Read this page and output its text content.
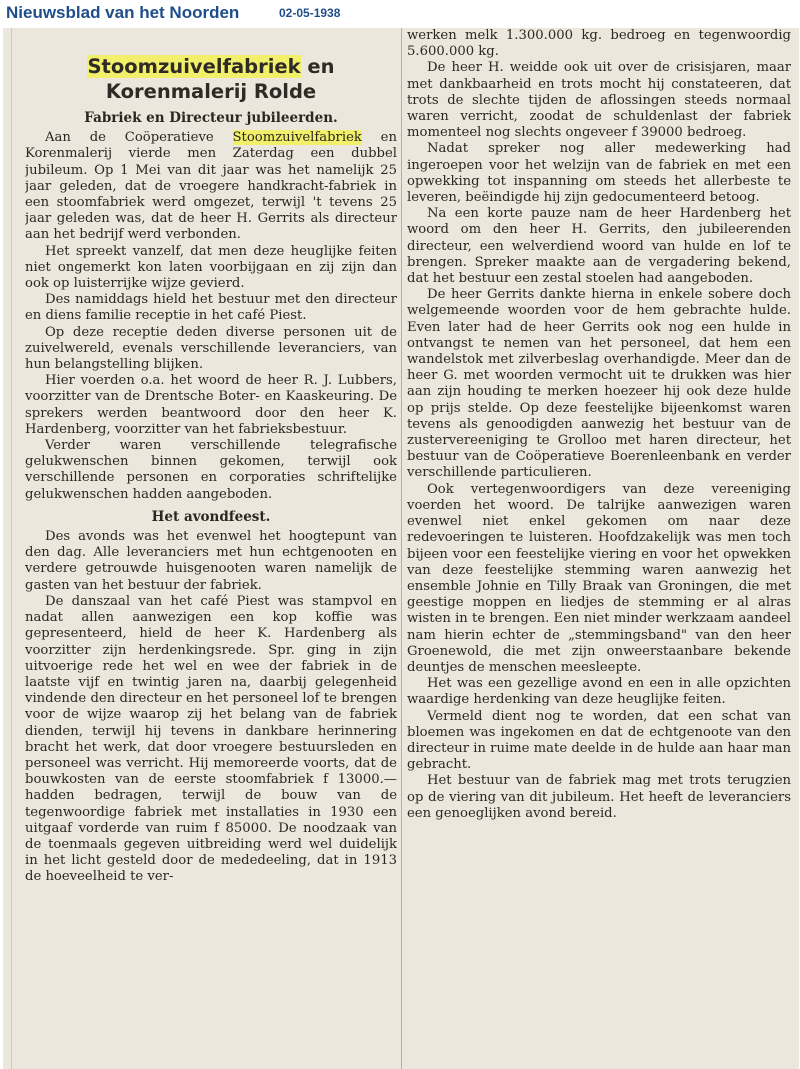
Nieuwsblad van het Noorden	02-05-1938
Stoomzuivelfabriek en Korenmalerij Rolde
Fabriek en Directeur jubileerden.

Aan de Coöperatieve Stoomzuivelfabriek en Korenmalerij vierde men Zaterdag een dubbel jubileum. Op 1 Mei van dit jaar was het namelijk 25 jaar geleden, dat de vroegere handkracht-fabriek in een stoomfabriek werd omgezet, terwijl 't tevens 25 jaar geleden was, dat de heer H. Gerrits als directeur aan het bedrijf werd verbonden.

Het spreekt vanzelf, dat men deze heuglijke feiten niet ongemerkt kon laten voorbijgaan en zij zijn dan ook op luisterrijke wijze gevierd.

Des namiddags hield het bestuur met den directeur en diens familie receptie in het café Piest.

Op deze receptie deden diverse personen uit de zuivelwereld, evenals verschillende leveranciers, van hun belangstelling blijken.

Hier voerden o.a. het woord de heer R. J. Lubbers, voorzitter van de Drentsche Boter- en Kaaskeuring. De sprekers werden beantwoord door den heer K. Hardenberg, voorzitter van het fabrieksbestuur.

Verder waren verschillende telegrafische gelukwenschen binnen gekomen, terwijl ook verschillende personen en corporaties schriftelijke gelukwenschen hadden aangeboden.

Het avondfeest.

Des avonds was het evenwel het hoogtepunt van den dag. Alle leveranciers met hun echtgenooten en verdere getrouwde huisgenooten waren namelijk de gasten van het bestuur der fabriek.

De danszaal van het café Piest was stampvol en nadat allen aanwezigen een kop koffie was gepresenteerd, hield de heer K. Hardenberg als voorzitter zijn herdenkingsrede. Spr. ging in zijn uitvoerige rede het wel en wee der fabriek in de laatste vijf en twintig jaren na, daarbij gelegenheid vindende den directeur en het personeel lof te brengen voor de wijze waarop zij het belang van de fabriek dienden, terwijl hij tevens in dankbare herinnering bracht het werk, dat door vroegere bestuursleden en personeel was verricht. Hij memoreerde voorts, dat de bouwkosten van de eerste stoomfabriek f 13000.— hadden bedragen, terwijl de bouw van de tegenwoordige fabriek met installaties in 1930 een uitgaaf vorderde van ruim f 85000. De noodzaak van de toenmaals gegeven uitbreiding werd wel duidelijk in het licht gesteld door de mededeeling, dat in 1913 de hoeveelheid te ver-

werken melk 1.300.000 kg. bedroeg en tegenwoordig 5.600.000 kg.

De heer H. weidde ook uit over de crisisjaren, maar met dankbaarheid en trots mocht hij constateeren, dat trots de slechte tijden de aflossingen steeds normaal waren verricht, zoodat de schuldenlast der fabriek momenteel nog slechts ongeveer f 39000 bedroeg.

Nadat spreker nog aller medewerking had ingeroepen voor het welzijn van de fabriek en met een opwekking tot inspanning om steeds het allerbeste te leveren, beëindigde hij zijn gedocumenteerd betoog.

Na een korte pauze nam de heer Hardenberg het woord om den heer H. Gerrits, den jubileerenden directeur, een welverdiend woord van hulde en lof te brengen. Spreker maakte aan de vergadering bekend, dat het bestuur een zestal stoelen had aangeboden.

De heer Gerrits dankte hierna in enkele sobere doch welgemeende woorden voor de hem gebrachte hulde. Even later had de heer Gerrits ook nog een hulde in ontvangst te nemen van het personeel, dat hem een wandelstok met zilverbeslag overhandigde. Meer dan de heer G. met woorden vermocht uit te drukken was hier aan zijn houding te merken hoezeer hij ook deze hulde op prijs stelde. Op deze feestelijke bijeenkomst waren tevens als genoodigden aanwezig het bestuur van de zustervereeniging te Grolloo met haren directeur, het bestuur van de Coöperatieve Boerenleenbank en verder verschillende particulieren.

Ook vertegenwoordigers van deze vereeniging voerden het woord. De talrijke aanwezigen waren evenwel niet enkel gekomen om naar deze redevoeringen te luisteren. Hoofdzakelijk was men toch bijeen voor een feestelijke viering en voor het opwekken van deze feestelijke stemming waren aanwezig het ensemble Johnie en Tilly Braak van Groningen, die met geestige moppen en liedjes de stemming er al alras wisten in te brengen. Een niet minder werkzaam aandeel nam hierin echter de „stemmingsband" van den heer Groenewold, die met zijn onweerstaanbare bekende deuntjes de menschen meesleepte.

Het was een gezellige avond en een in alle opzichten waardige herdenking van deze heuglijke feiten.

Vermeld dient nog te worden, dat een schat van bloemen was ingekomen en dat de echtgenoote van den directeur in ruime mate deelde in de hulde aan haar man gebracht.

Het bestuur van de fabriek mag met trots terugzien op de viering van dit jubileum. Het heeft de leveranciers een genoeglijken avond bereid.
